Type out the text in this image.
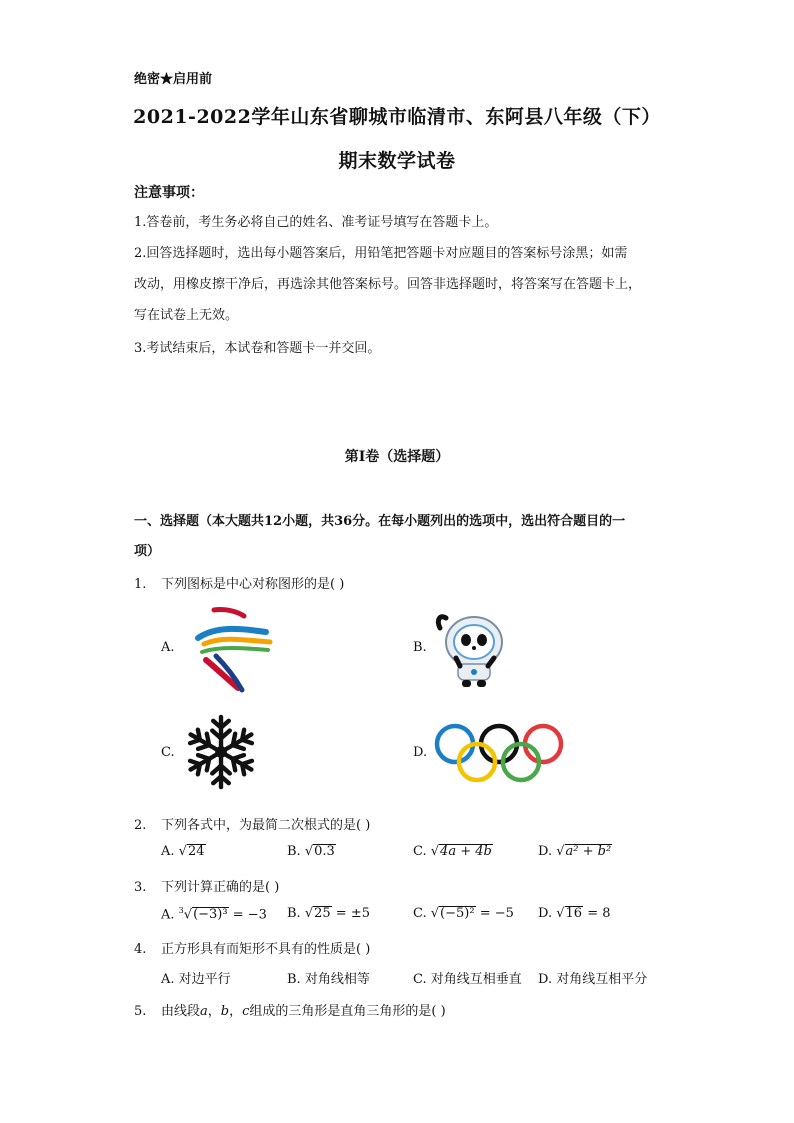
绝密★启用前
2021-2022学年山东省聊城市临清市、东阿县八年级（下）
期末数学试卷
注意事项：
1.答卷前，考生务必将自己的姓名、准考证号填写在答题卡上。
2.回答选择题时，选出每小题答案后，用铅笔把答题卡对应题目的答案标号涂黑；如需
改动，用橡皮擦干净后，再选涂其他答案标号。回答非选择题时，将答案写在答题卡上，
写在试卷上无效。
3.考试结束后，本试卷和答题卡一并交回。
第I卷（选择题）
一、选择题（本大题共12小题，共36分。在每小题列出的选项中，选出符合题目的一
项）
1. 下列图标是中心对称图形的是( )
A.	B.
C.	D.
2. 下列各式中，为最简二次根式的是( )
A. √24	B. √0.3	C. √4a + 4b	D. √a² + b²
3. 下列计算正确的是( )
A. $^3$√(−3)³ = −3 B. √25 = ±5	C. √(−5)² = −5 D. √16 = 8
4. 正方形具有而矩形不具有的性质是( )
A. 对边平行	B. 对角线相等	C. 对角线互相垂直 D. 对角线互相平分
5. 由线段a，b，c组成的三角形是直角三角形的是( )
